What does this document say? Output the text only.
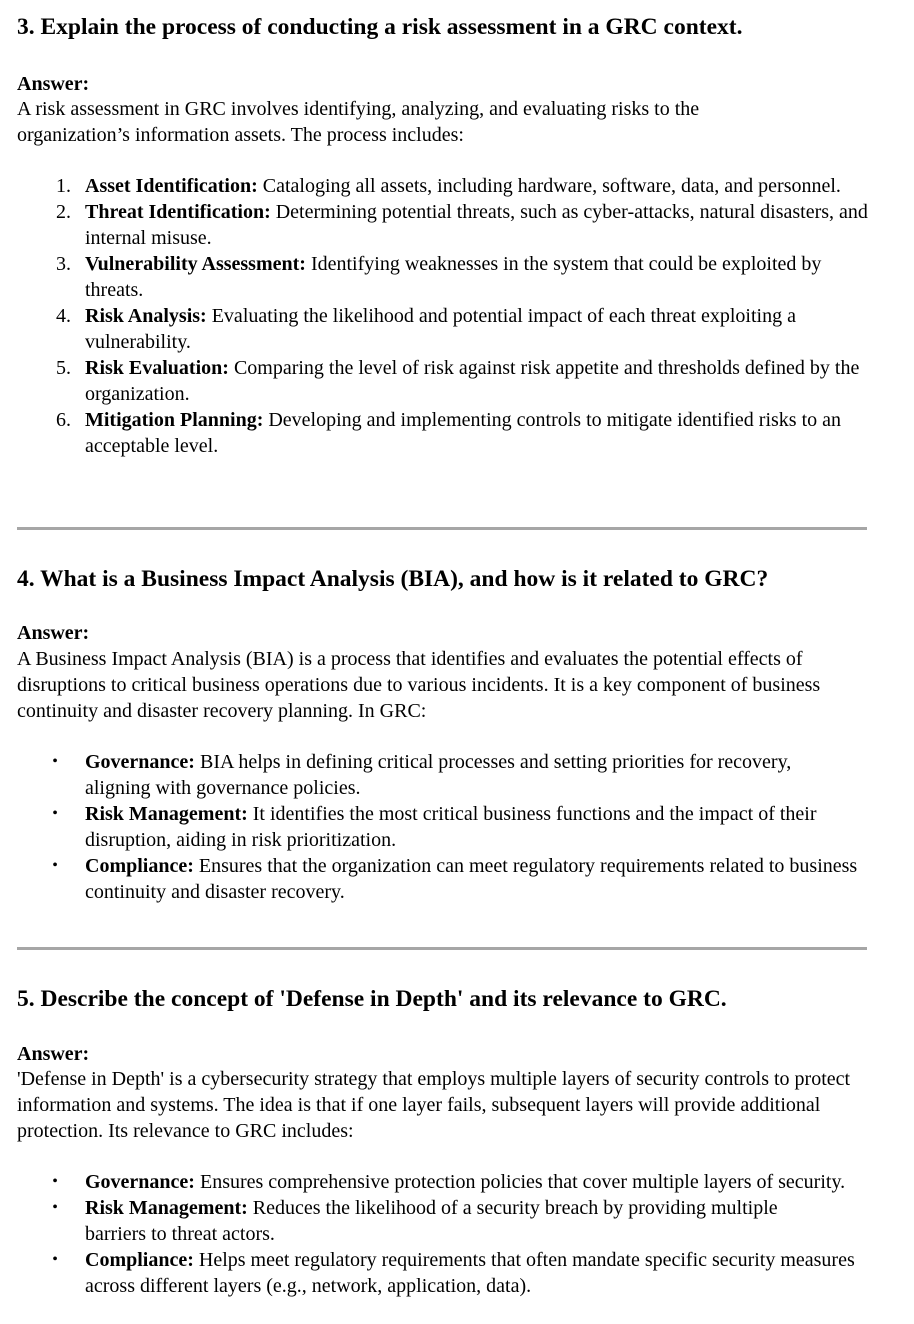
3. Explain the process of conducting a risk assessment in a GRC context.
Answer:

A risk assessment in GRC involves identifying, analyzing, and evaluating risks to the organization’s information assets. The process includes:

1. Asset Identification: Cataloging all assets, including hardware, software, data, and personnel.
2. Threat Identification: Determining potential threats, such as cyber-attacks, natural disasters, and internal misuse.
3. Vulnerability Assessment: Identifying weaknesses in the system that could be exploited by threats.
4. Risk Analysis: Evaluating the likelihood and potential impact of each threat exploiting a vulnerability.
5. Risk Evaluation: Comparing the level of risk against risk appetite and thresholds defined by the organization.
6. Mitigation Planning: Developing and implementing controls to mitigate identified risks to an acceptable level.
4. What is a Business Impact Analysis (BIA), and how is it related to GRC?
Answer:

A Business Impact Analysis (BIA) is a process that identifies and evaluates the potential effects of disruptions to critical business operations due to various incidents. It is a key component of business continuity and disaster recovery planning. In GRC:

• Governance: BIA helps in defining critical processes and setting priorities for recovery, aligning with governance policies.
• Risk Management: It identifies the most critical business functions and the impact of their disruption, aiding in risk prioritization.
• Compliance: Ensures that the organization can meet regulatory requirements related to business continuity and disaster recovery.
5. Describe the concept of 'Defense in Depth' and its relevance to GRC.
Answer:

'Defense in Depth' is a cybersecurity strategy that employs multiple layers of security controls to protect information and systems. The idea is that if one layer fails, subsequent layers will provide additional protection. Its relevance to GRC includes:

• Governance: Ensures comprehensive protection policies that cover multiple layers of security.
• Risk Management: Reduces the likelihood of a security breach by providing multiple barriers to threat actors.
• Compliance: Helps meet regulatory requirements that often mandate specific security measures across different layers (e.g., network, application, data).
